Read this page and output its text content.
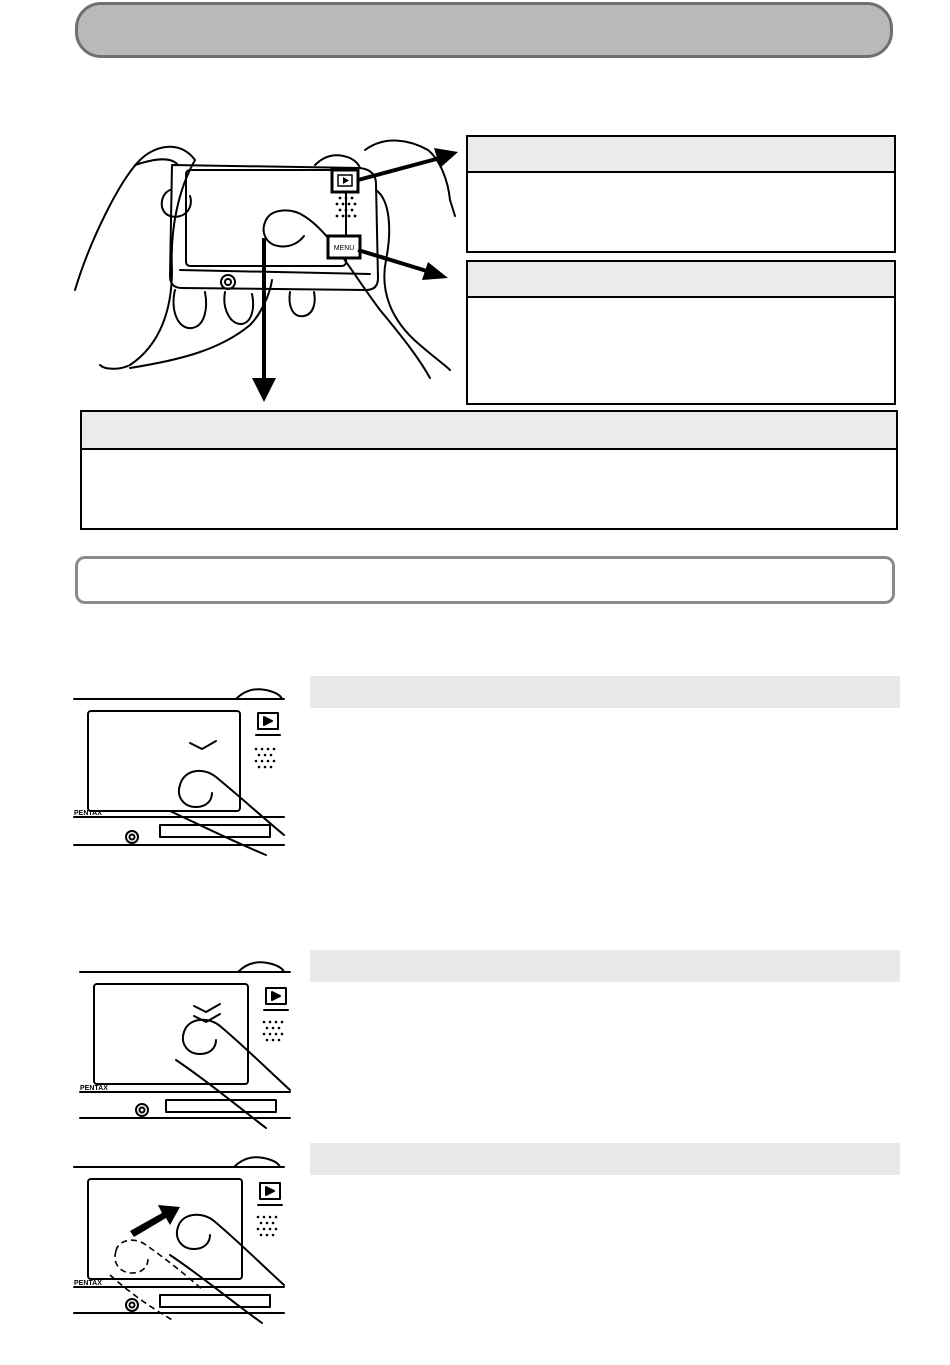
MENU
PENTAX
PENTAX
PENTAX
